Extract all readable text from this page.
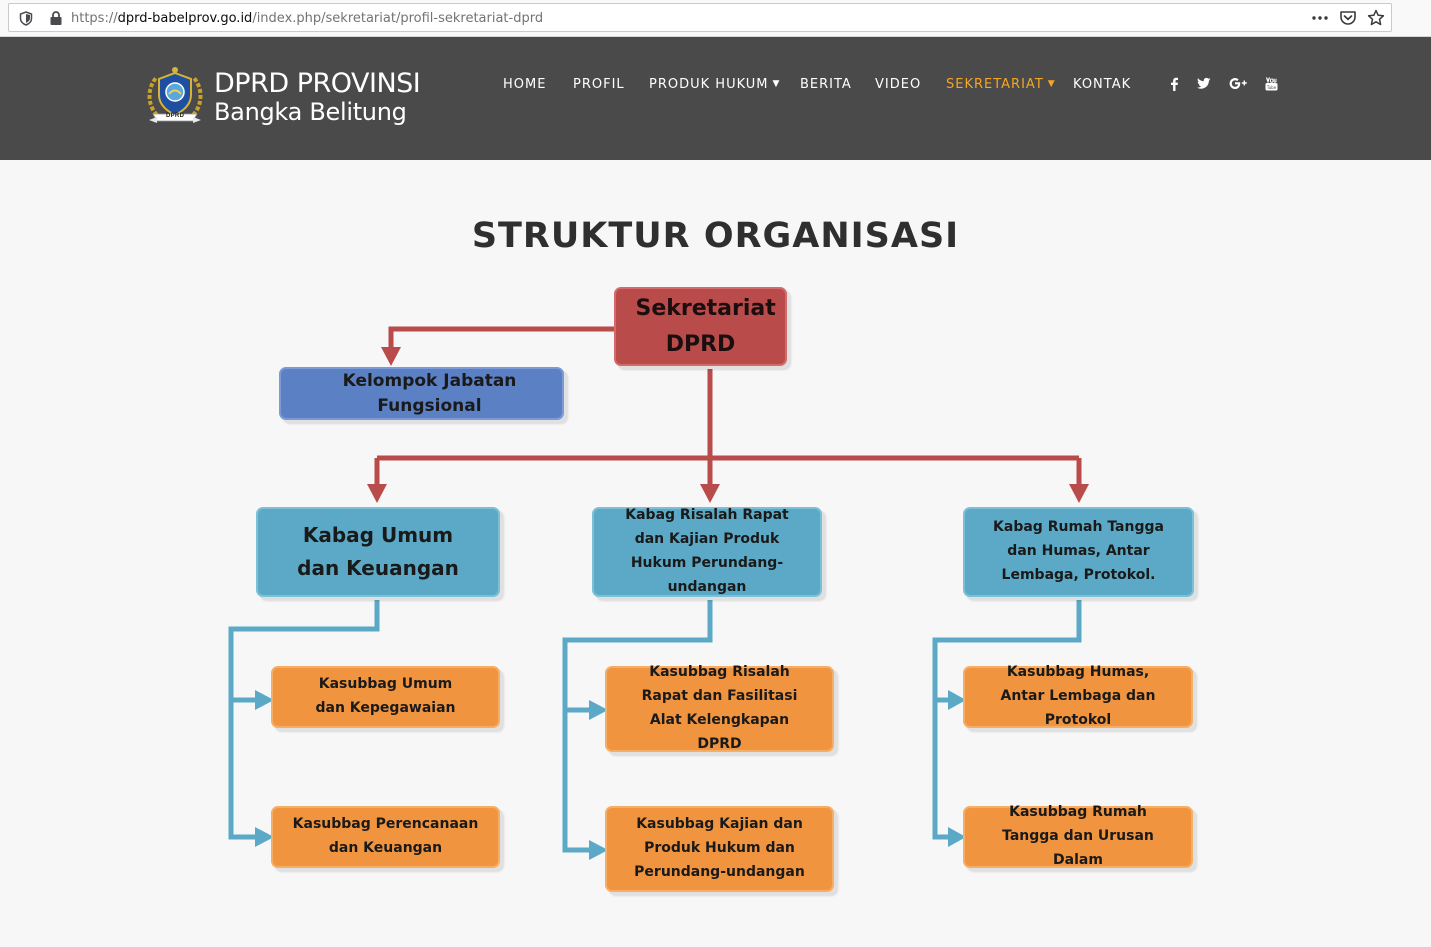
https://dprd-babelprov.go.id/index.php/sekretariat/profil-sekretariat-dprd
DPRD
DPRD PROVINSI
Bangka Belitung
HOME PROFIL PRODUK HUKUM ▼ BERITA VIDEO SEKRETARIAT ▼ KONTAK	Tube
STRUKTUR ORGANISASI
Sekretariat DPRD
Kelompok Jabatan Fungsional
Kabag Umum dan Keuangan
Kabag Risalah Rapat dan Kajian Produk Hukum Perundang-undangan
Kabag Rumah Tangga dan Humas, Antar Lembaga, Protokol.
Kasubbag Umum dan Kepegawaian
Kasubbag Perencanaan dan Keuangan
Kasubbag Risalah Rapat dan Fasilitasi Alat Kelengkapan DPRD
Kasubbag Kajian dan Produk Hukum dan Perundang-undangan
Kasubbag Humas, Antar Lembaga dan Protokol
Kasubbag Rumah Tangga dan Urusan Dalam
